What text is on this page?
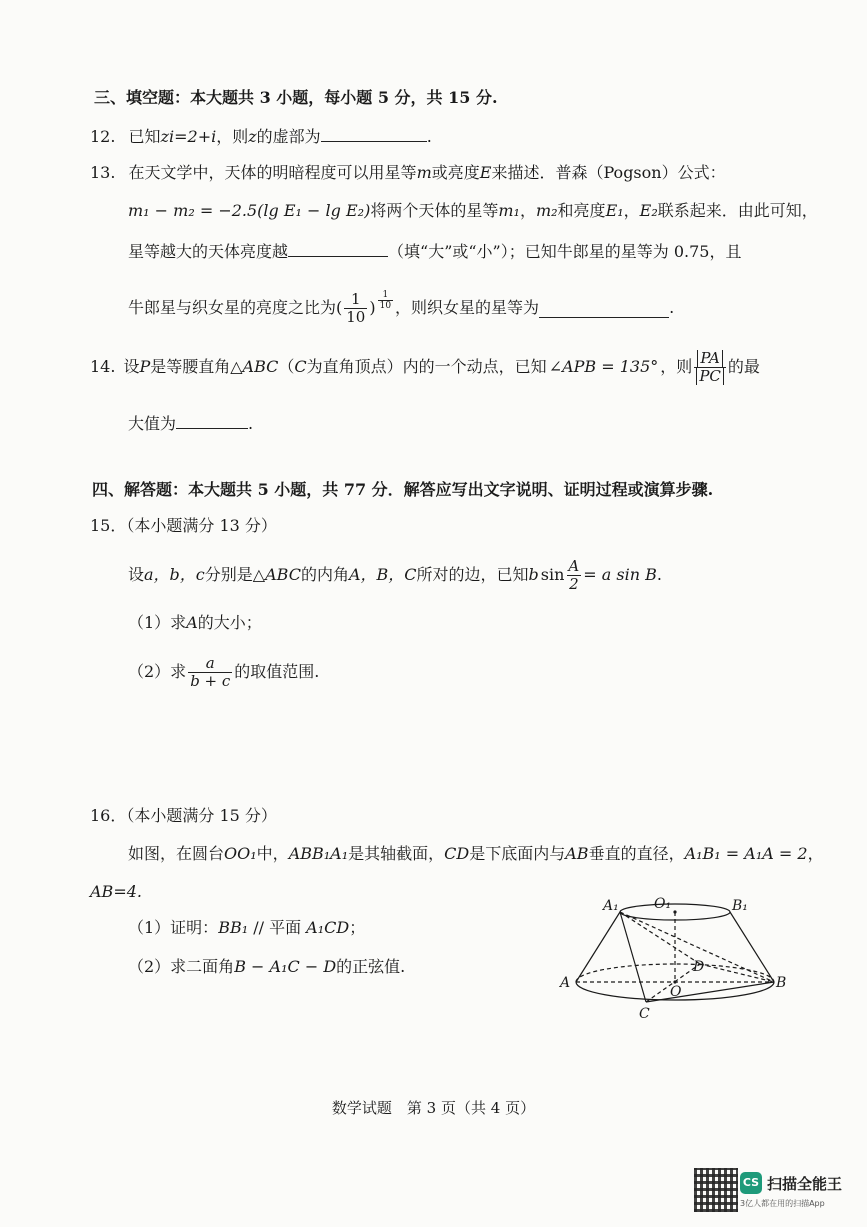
三、填空题：本大题共 3 小题，每小题 5 分，共 15 分.
12. 已知zi=2+i，则z的虚部为	.
13. 在天文学中，天体的明暗程度可以用星等m或亮度E来描述．普森（Pogson）公式：
m₁ − m₂ = −2.5(lg E₁ − lg E₂)将两个天体的星等m₁，m₂和亮度E₁，E₂联系起来．由此可知，
星等越大的天体亮度越	（填“大”或“小”）；已知牛郎星的星等为 0.75，且
牛郎星与织女星的亮度之比为( $\frac{1}{10}$ ) $\frac{1}{10}$ ，则织女星的星等为	.
14. 设 P 是等腰直角△ ABC （ C 为直角顶点）内的一个动点，已知 ∠APB = 135° ，则 $\frac{PA}{PC}$ 的最
大值为	.
四、解答题：本大题共 5 小题，共 77 分．解答应写出文字说明、证明过程或演算步骤.
15．（本小题满分 13 分）
设 a，b，c 分别是△ ABC 的内角 A，B，C 所对的边，已知 b $\sin \frac{A}{2} = a$ sin B .
（1）求A的大小；
（2）求 $\frac{a}{b + c}$ 的取值范围.
16．（本小题满分 15 分）
如图，在圆台OO₁中，ABB₁A₁是其轴截面，CD是下底面内与AB垂直的直径，A₁B₁ = A₁A = 2，
AB=4.
（1）证明：BB₁ // 平面 A₁CD；
（2）求二面角B − A₁C − D的正弦值.
A₁	O₁	B₁
A
D
O
B
C
数学试题　第 3 页（共 4 页）
CS 扫描全能王
3亿人都在用的扫描App
